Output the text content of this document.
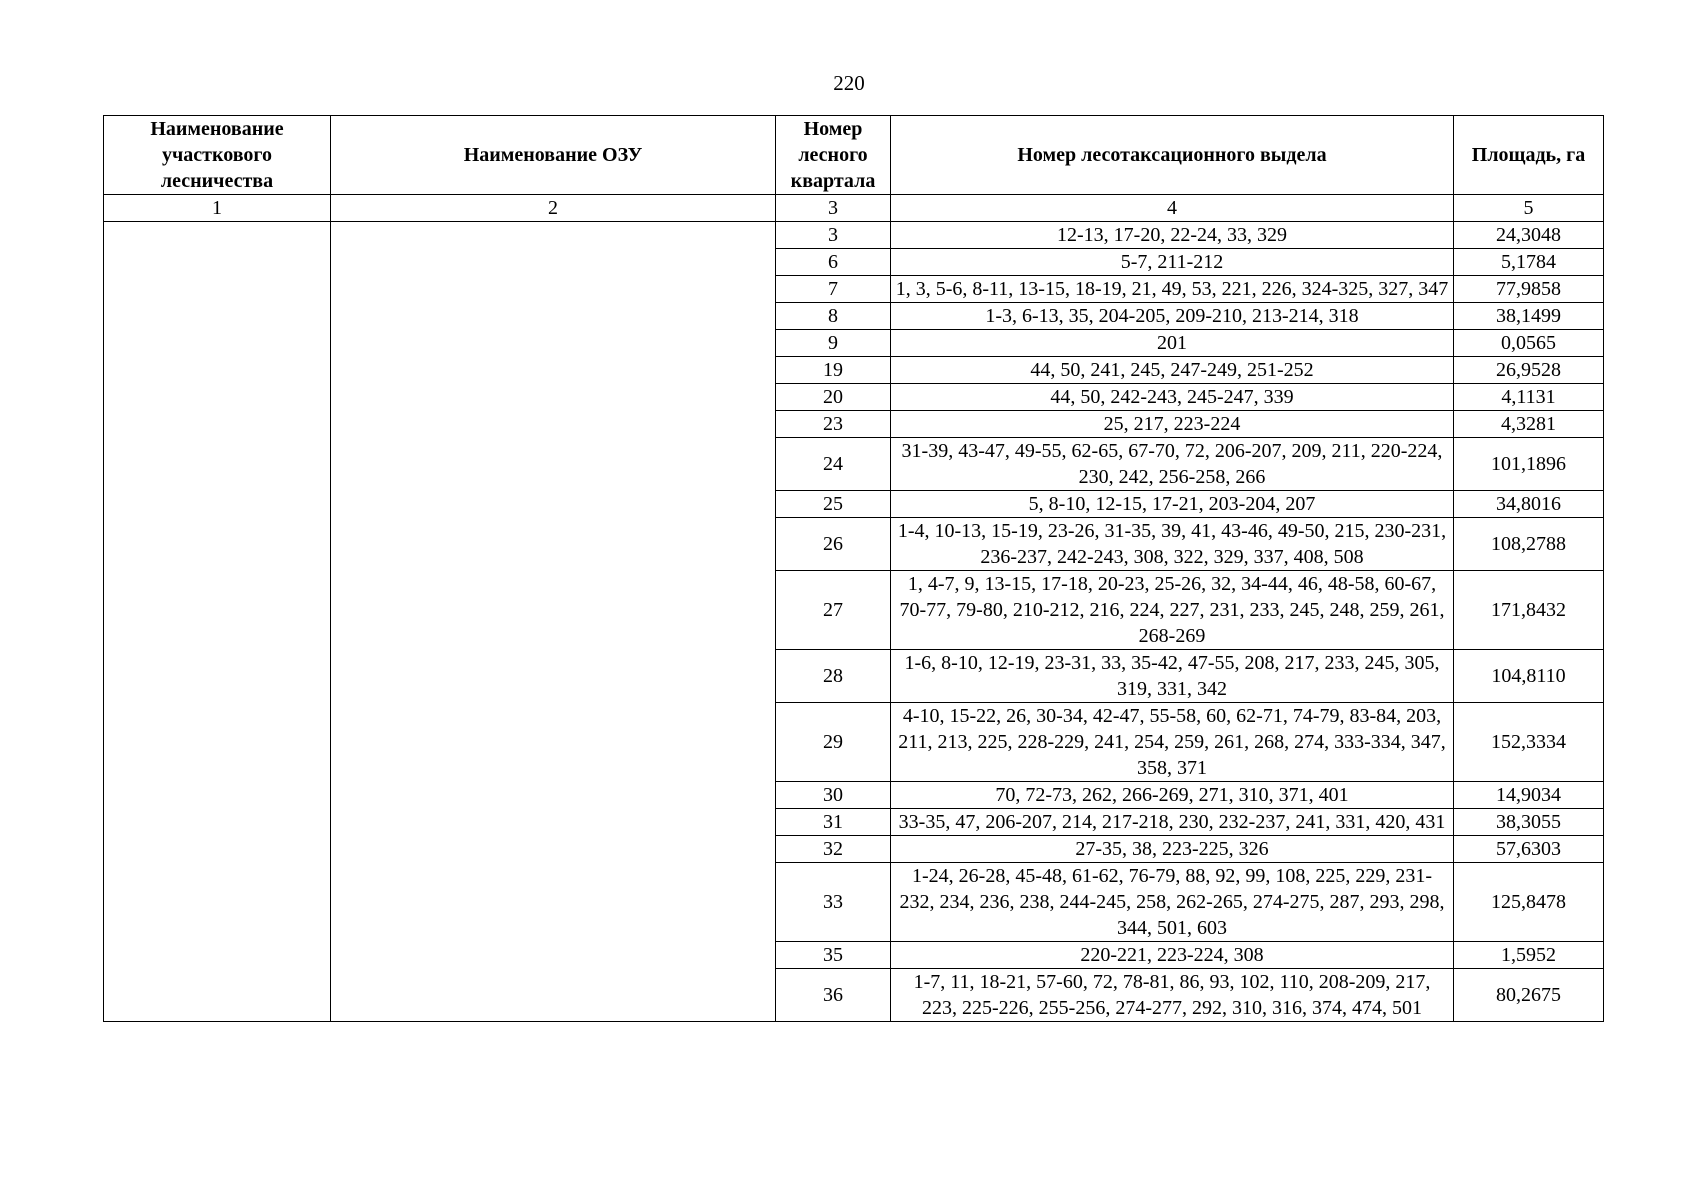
220
Наименование участкового лесничества	Наименование ОЗУ	Номер лесного квартала	Номер лесотаксационного выдела	Площадь, га
1	2	3	4	5
		3	12-13, 17-20, 22-24, 33, 329	24,3048
		6	5-7, 211-212	5,1784
		7	1, 3, 5-6, 8-11, 13-15, 18-19, 21, 49, 53, 221, 226, 324-325, 327, 347	77,9858
		8	1-3, 6-13, 35, 204-205, 209-210, 213-214, 318	38,1499
		9	201	0,0565
		19	44, 50, 241, 245, 247-249, 251-252	26,9528
		20	44, 50, 242-243, 245-247, 339	4,1131
		23	25, 217, 223-224	4,3281
		24	31-39, 43-47, 49-55, 62-65, 67-70, 72, 206-207, 209, 211, 220-224, 230, 242, 256-258, 266	101,1896
		25	5, 8-10, 12-15, 17-21, 203-204, 207	34,8016
		26	1-4, 10-13, 15-19, 23-26, 31-35, 39, 41, 43-46, 49-50, 215, 230-231, 236-237, 242-243, 308, 322, 329, 337, 408, 508	108,2788
		27	1, 4-7, 9, 13-15, 17-18, 20-23, 25-26, 32, 34-44, 46, 48-58, 60-67, 70-77, 79-80, 210-212, 216, 224, 227, 231, 233, 245, 248, 259, 261, 268-269	171,8432
		28	1-6, 8-10, 12-19, 23-31, 33, 35-42, 47-55, 208, 217, 233, 245, 305, 319, 331, 342	104,8110
		29	4-10, 15-22, 26, 30-34, 42-47, 55-58, 60, 62-71, 74-79, 83-84, 203, 211, 213, 225, 228-229, 241, 254, 259, 261, 268, 274, 333-334, 347, 358, 371	152,3334
		30	70, 72-73, 262, 266-269, 271, 310, 371, 401	14,9034
		31	33-35, 47, 206-207, 214, 217-218, 230, 232-237, 241, 331, 420, 431	38,3055
		32	27-35, 38, 223-225, 326	57,6303
		33	1-24, 26-28, 45-48, 61-62, 76-79, 88, 92, 99, 108, 225, 229, 231-232, 234, 236, 238, 244-245, 258, 262-265, 274-275, 287, 293, 298, 344, 501, 603	125,8478
		35	220-221, 223-224, 308	1,5952
		36	1-7, 11, 18-21, 57-60, 72, 78-81, 86, 93, 102, 110, 208-209, 217, 223, 225-226, 255-256, 274-277, 292, 310, 316, 374, 474, 501	80,2675
